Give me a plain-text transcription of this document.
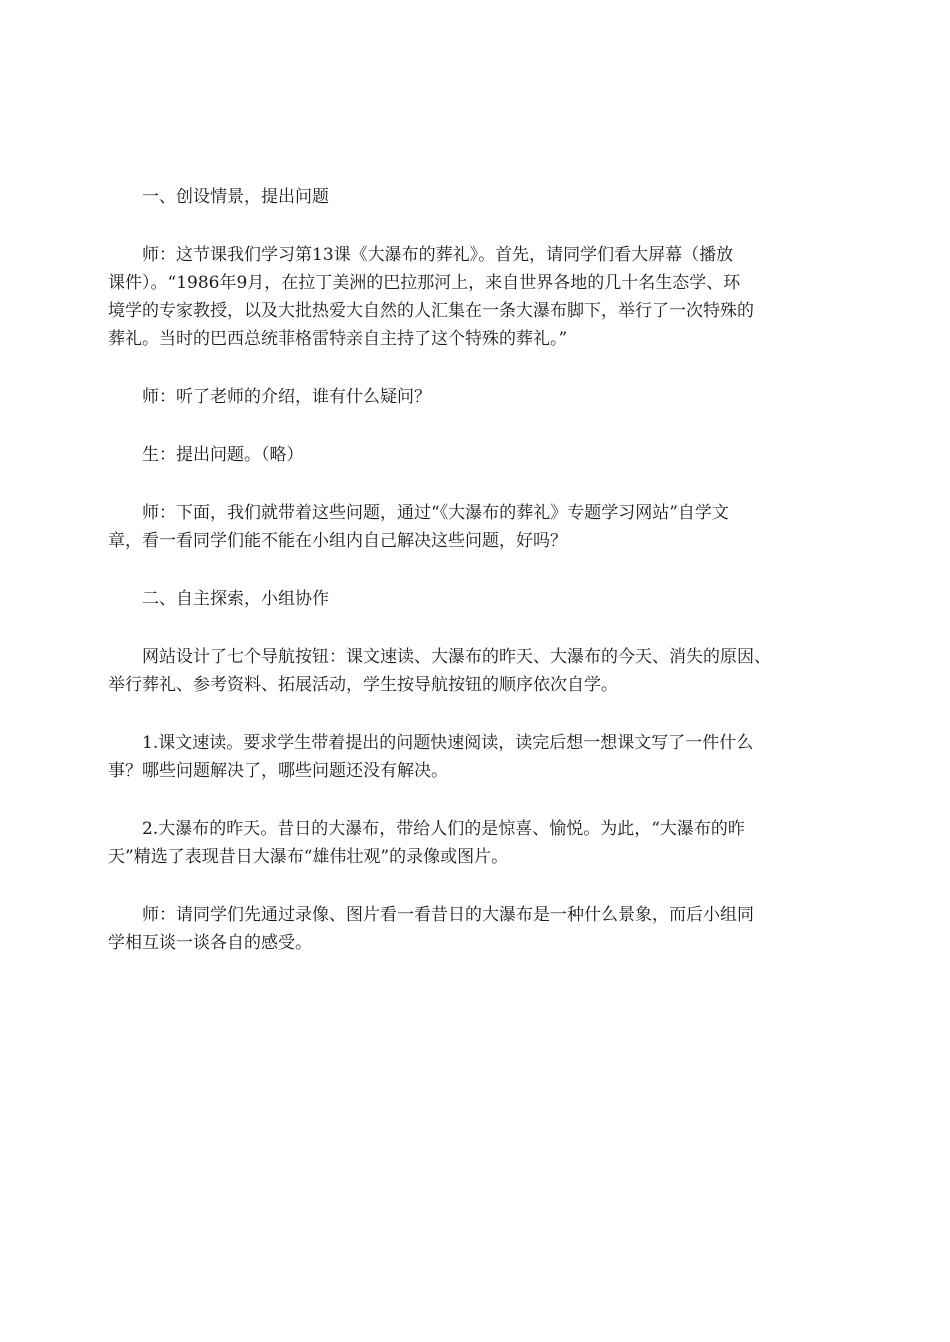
一、创设情景，提出问题

师：这节课我们学习第13课《大瀑布的葬礼》。首先，请同学们看大屏幕（播放
课件）。“1986年9月，在拉丁美洲的巴拉那河上，来自世界各地的几十名生态学、环
境学的专家教授，以及大批热爱大自然的人汇集在一条大瀑布脚下，举行了一次特殊的
葬礼。当时的巴西总统菲格雷特亲自主持了这个特殊的葬礼。”

师：听了老师的介绍，谁有什么疑问？

生：提出问题。（略）

师：下面，我们就带着这些问题，通过“《大瀑布的葬礼》专题学习网站”自学文
章，看一看同学们能不能在小组内自己解决这些问题，好吗？

二、自主探索，小组协作

网站设计了七个导航按钮：课文速读、大瀑布的昨天、大瀑布的今天、消失的原因、
举行葬礼、参考资料、拓展活动，学生按导航按钮的顺序依次自学。

1.课文速读。要求学生带着提出的问题快速阅读，读完后想一想课文写了一件什么
事？哪些问题解决了，哪些问题还没有解决。

2.大瀑布的昨天。昔日的大瀑布，带给人们的是惊喜、愉悦。为此，“大瀑布的昨
天”精选了表现昔日大瀑布“雄伟壮观”的录像或图片。

师：请同学们先通过录像、图片看一看昔日的大瀑布是一种什么景象，而后小组同
学相互谈一谈各自的感受。
